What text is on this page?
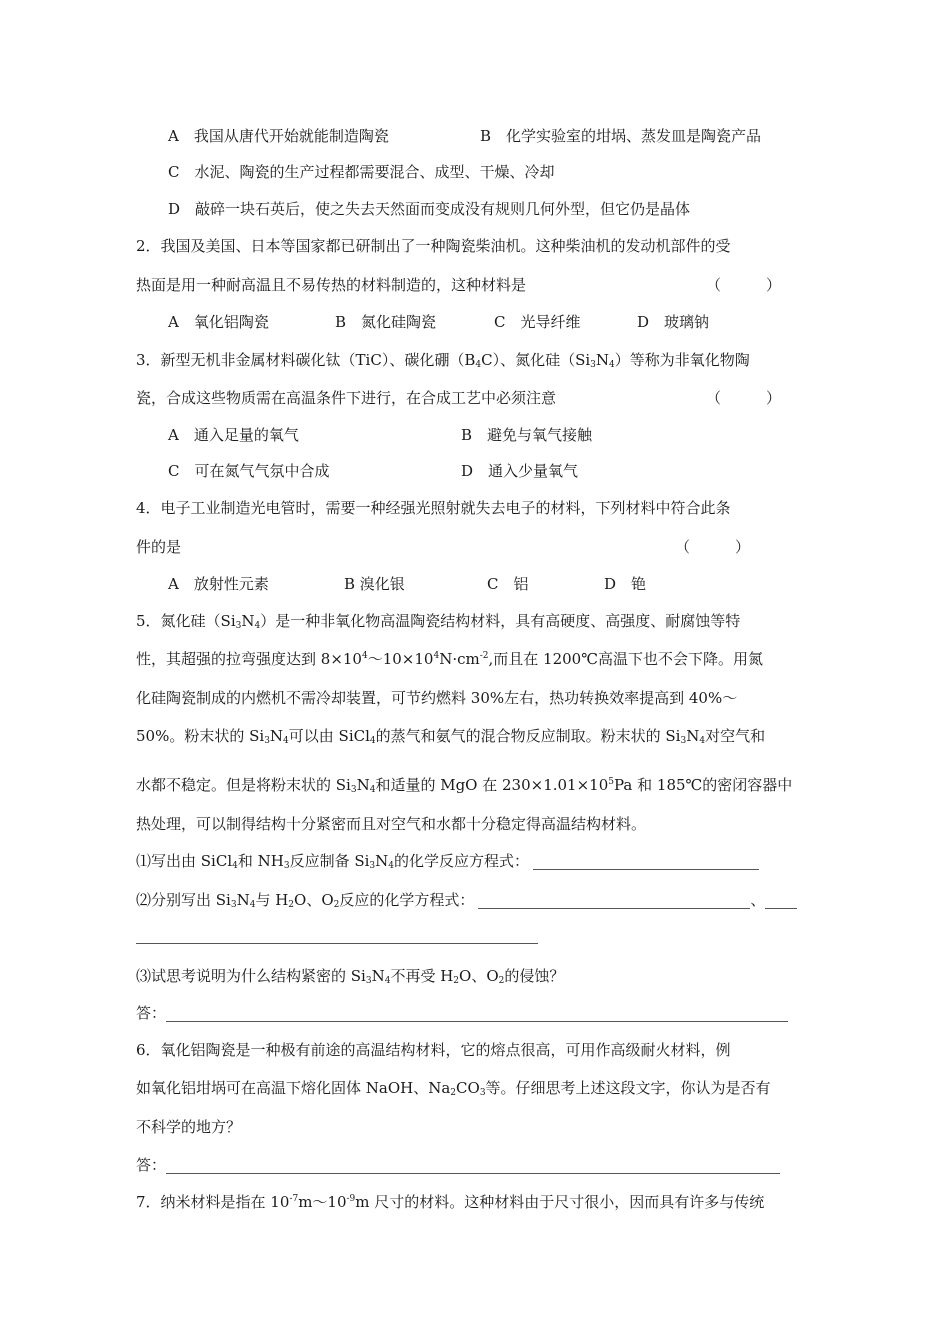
A　我国从唐代开始就能制造陶瓷	B　化学实验室的坩埚、蒸发皿是陶瓷产品
C　水泥、陶瓷的生产过程都需要混合、成型、干燥、冷却
D　敲碎一块石英后，使之失去天然面而变成没有规则几何外型，但它仍是晶体
2．我国及美国、日本等国家都已研制出了一种陶瓷柴油机。这种柴油机的发动机部件的受
热面是用一种耐高温且不易传热的材料制造的，这种材料是	（　　　）
A　氧化铝陶瓷	B　氮化硅陶瓷	C　光导纤维	D　玻璃钠
3．新型无机非金属材料碳化钛（TiC）、碳化硼$(B_4C)$、氮化硅$(Si_3N_4)$等称为非氧化物陶
瓷，合成这些物质需在高温条件下进行，在合成工艺中必须注意	（　　　）
A　通入足量的氧气	B　避免与氧气接触
C　可在氮气气氛中合成	D　通入少量氧气
4．电子工业制造光电管时，需要一种经强光照射就失去电子的材料，下列材料中符合此条
件的是	（　　　）
A　放射性元素	B 溴化银	C　铝	D　铯
5．氮化硅$(Si_3N_4)$是一种非氧化物高温陶瓷结构材料，具有高硬度、高强度、耐腐蚀等特
性，其超强的拉弯强度达到 $8\times 10^4\sim 10\times 10^4N\cdot cm^{-2}$,而且在 1200℃高温下也不会下降。用氮
化硅陶瓷制成的内燃机不需冷却装置，可节约燃料 30%左右，热功转换效率提高到 40%～
50%。粉末状的 $Si_3N_4$可以由 SiCl$_4$的蒸气和氨气的混合物反应制取。粉末状的 $Si_3N_4$对空气和
水都不稳定。但是将粉末状的 $Si_3N_4$和适量的 MgO 在 $230\times 1.01\times 10^5Pa$ 和 185℃的密闭容器中
热处理，可以制得结构十分紧密而且对空气和水都十分稳定得高温结构材料。
⑴写出由 SiCl$_4$和 $NH_3$反应制备 $Si_3N_4$的化学反应方程式：
⑵分别写出 $Si_3N_4$与 $H_2O$、$O_2$反应的化学方程式：	、
⑶试思考说明为什么结构紧密的 $Si_3N_4$不再受 $H_2O$、$O_2$的侵蚀？
答：
6．氧化铝陶瓷是一种极有前途的高温结构材料，它的熔点很高，可用作高级耐火材料，例
如氧化铝坩埚可在高温下熔化固体 NaOH、$Na_2CO_3$等。仔细思考上述这段文字，你认为是否有
不科学的地方？
答：
7．纳米材料是指在 $10^{-7}m\sim 10^{-9}m$ 尺寸的材料。这种材料由于尺寸很小，因而具有许多与传统
